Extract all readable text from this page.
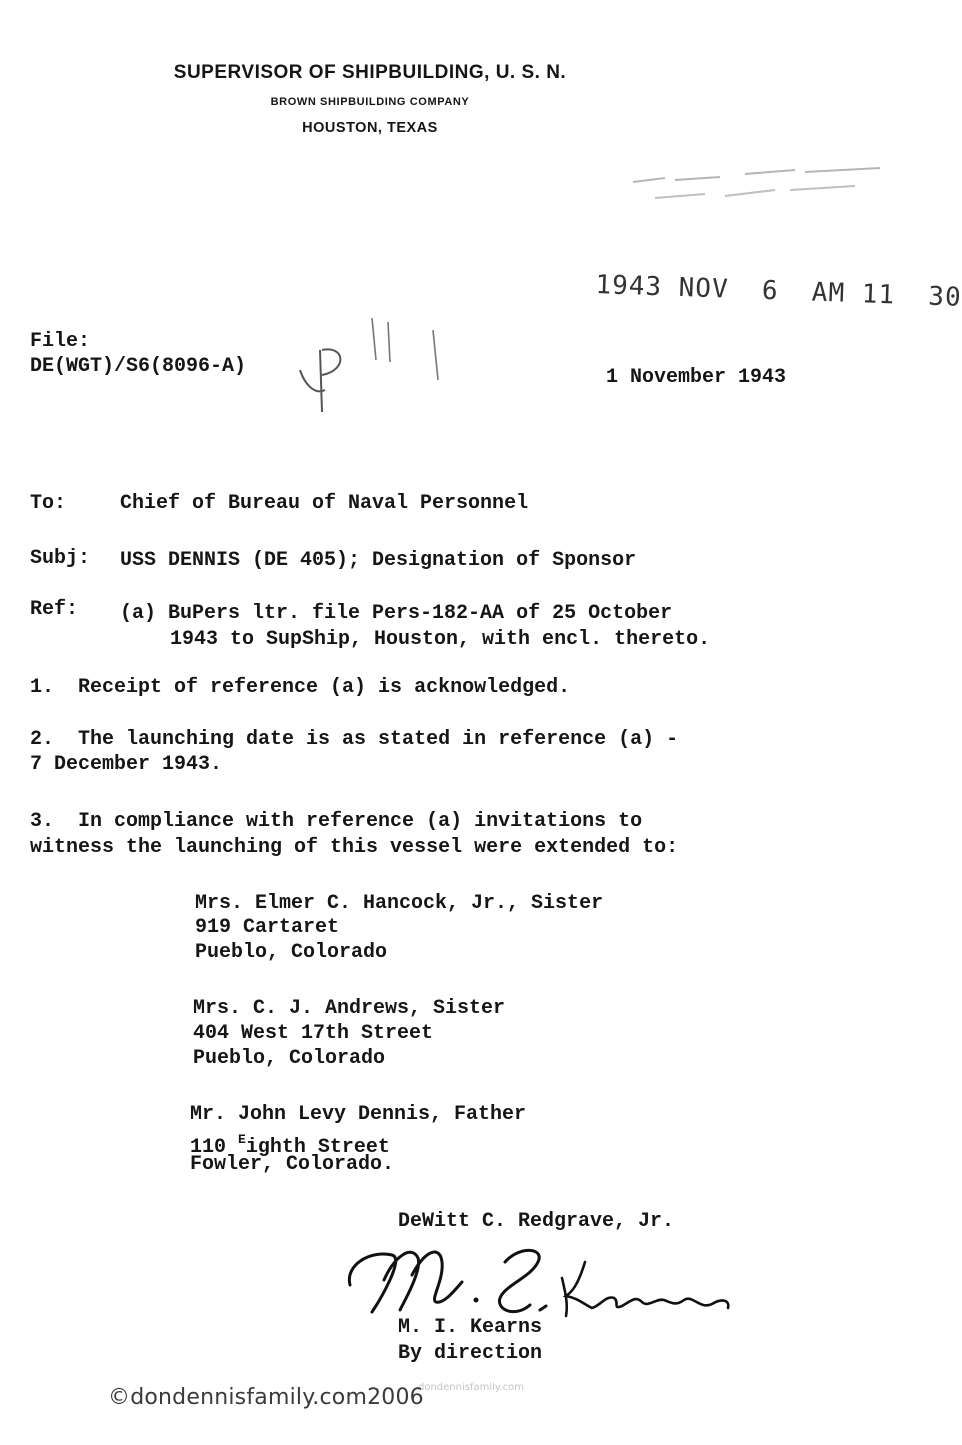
SUPERVISOR OF SHIPBUILDING, U. S. N.
BROWN SHIPBUILDING COMPANY
HOUSTON, TEXAS
1943 NOV  6  AM 11  30
File:
DE(WGT)/S6(8096-A)	1 November 1943
To:	Chief of Bureau of Naval Personnel
Subj: USS DENNIS (DE 405); Designation of Sponsor
Ref: (a) BuPers ltr. file Pers-182-AA of 25 October
1943 to SupShip, Houston, with encl. thereto.
1.  Receipt of reference (a) is acknowledged.
2.  The launching date is as stated in reference (a) -
7 December 1943.
3.  In compliance with reference (a) invitations to
witness the launching of this vessel were extended to:
Mrs. Elmer C. Hancock, Jr., Sister
919 Cartaret
Pueblo, Colorado
Mrs. C. J. Andrews, Sister
404 West 17th Street
Pueblo, Colorado
Mr. John Levy Dennis, Father
110 $^E$ighth Street
Fowler, Colorado.
DeWitt C. Redgrave, Jr.
M. I. Kearns
By direction
dondennisfamily.com
©dondennisfamily.com2006
